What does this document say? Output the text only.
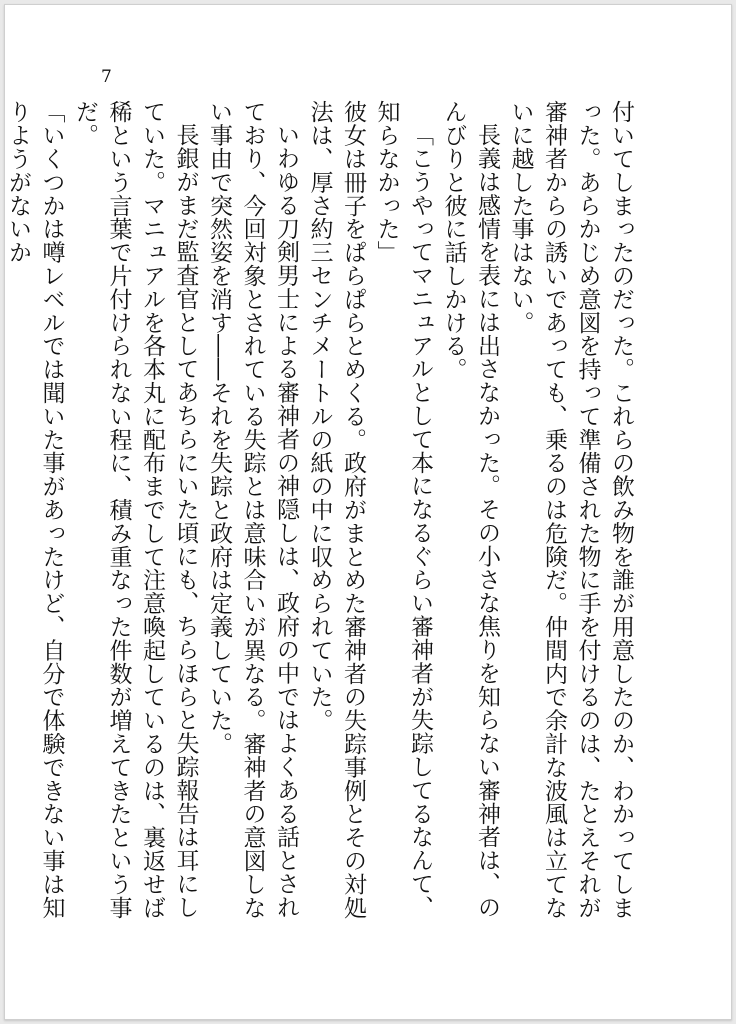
7

付いてしまったのだった。これらの飲み物を誰が用意したのか、わかってしまった。あらかじめ意図を持って準備された物に手を付けるのは、たとえそれが審神者からの誘いであっても、乗るのは危険だ。仲間内で余計な波風は立てないに越した事はない。

長義は感情を表には出さなかった。その小さな焦りを知らない審神者は、のんびりと彼に話しかける。

「こうやってマニュアルとして本になるぐらい審神者が失踪してるなんて、知らなかった」

彼女は冊子をぱらぱらとめくる。政府がまとめた審神者の失踪事例とその対処法は、厚さ約三センチメートルの紙の中に収められていた。

いわゆる刀剣男士による審神者の神隠しは、政府の中ではよくある話とされており、今回対象とされている失踪とは意味合いが異なる。審神者の意図しない事由で突然姿を消す――それを失踪と政府は定義していた。

長銀がまだ監査官としてあちらにいた頃にも、ちらほらと失踪報告は耳にしていた。マニュアルを各本丸に配布までして注意喚起しているのは、裏返せば稀という言葉で片付けられない程に、積み重なった件数が増えてきたという事だ。

「いくつかは噂レベルでは聞いた事があったけど、自分で体験できない事は知りようがないか
